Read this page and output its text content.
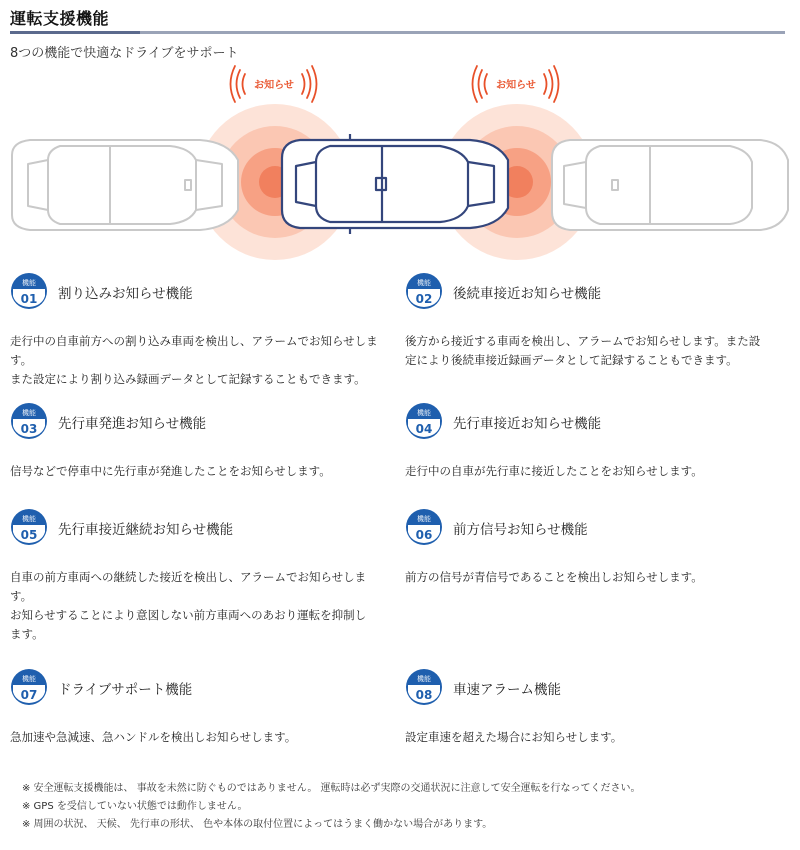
運転支援機能
8つの機能で快適なドライブをサポート
お知らせ	お知らせ
機能
01 割り込みお知らせ機能
走行中の自車前方への割り込み車両を検出し、アラームでお知らせしま
す。
また設定により割り込み録画データとして記録することもできます。
機能
02 後続車接近お知らせ機能
後方から接近する車両を検出し、アラームでお知らせします。また設
定により後続車接近録画データとして記録することもできます。
機能
03 先行車発進お知らせ機能
信号などで停車中に先行車が発進したことをお知らせします。
機能
04 先行車接近お知らせ機能
走行中の自車が先行車に接近したことをお知らせします。
機能
05 先行車接近継続お知らせ機能
自車の前方車両への継続した接近を検出し、アラームでお知らせしま
す。
お知らせすることにより意図しない前方車両へのあおり運転を抑制し
ます。
機能
06 前方信号お知らせ機能
前方の信号が青信号であることを検出しお知らせします。
機能
07 ドライブサポート機能
急加速や急減速、急ハンドルを検出しお知らせします。
機能
08 車速アラーム機能
設定車速を超えた場合にお知らせします。
※ 安全運転支援機能は、 事故を未然に防ぐものではありません。 運転時は必ず実際の交通状況に注意して安全運転を行なってください。
※ GPS を受信していない状態では動作しません。
※ 周囲の状況、 天候、 先行車の形状、 色や本体の取付位置によってはうまく働かない場合があります。
